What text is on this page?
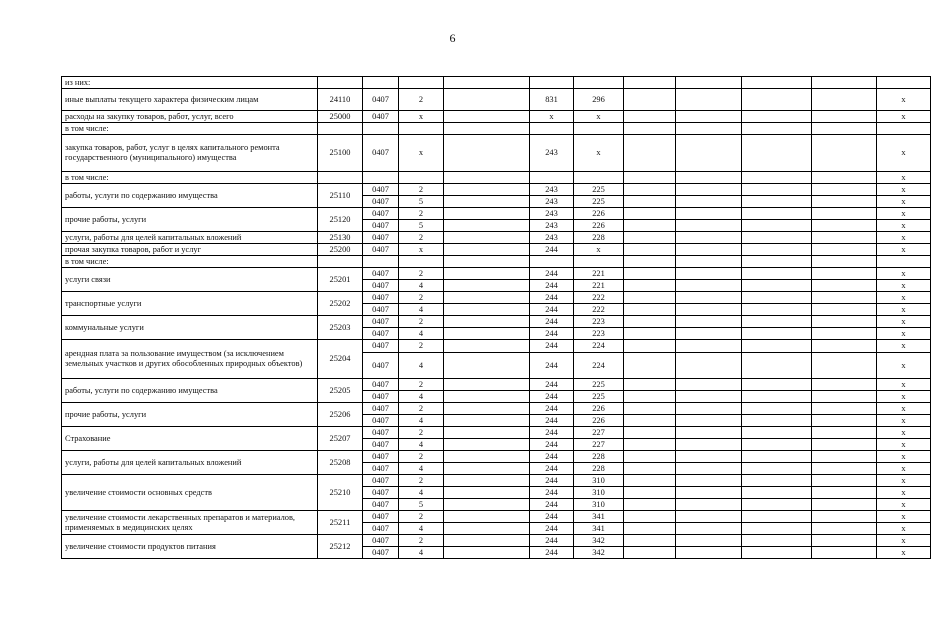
6
из них:											
иные выплаты текущего характера физическим лицам	24110	0407	2		831	296					х
расходы на закупку товаров, работ, услуг, всего	25000	0407	х		х	х					х
в том числе:											
закупка товаров, работ, услуг в целях капитального ремонта государственного (муниципального) имущества	25100	0407	х		243	х					х
в том числе:											х
работы, услуги по содержанию имущества	25110	0407	2		243	225					х
		0407	5		243	225					х
прочие работы, услуги	25120	0407	2		243	226					х
		0407	5		243	226					х
услуги, работы для целей капитальных вложений	25130	0407	2		243	228					х
прочая закупка товаров, работ и услуг	25200	0407	х		244	х					х
в том числе:											
услуги связи	25201	0407	2		244	221					х
		0407	4		244	221					х
транспортные услуги	25202	0407	2		244	222					х
		0407	4		244	222					х
коммунальные услуги	25203	0407	2		244	223					х
		0407	4		244	223					х
арендная плата за пользование имуществом (за исключением земельных участков и других обособленных природных объектов)	25204	0407	2		244	224					х
		0407	4		244	224					х
работы, услуги по содержанию имущества	25205	0407	2		244	225					х
		0407	4		244	225					х
прочие работы, услуги	25206	0407	2		244	226					х
		0407	4		244	226					х
Страхование	25207	0407	2		244	227					х
		0407	4		244	227					х
услуги, работы для целей капитальных вложений	25208	0407	2		244	228					х
		0407	4		244	228					х
увеличение стоимости основных средств	25210	0407	2		244	310					х
		0407	4		244	310					х
		0407	5		244	310					х
увеличение стоимости лекарственных препаратов и материалов, применяемых в медицинских целях	25211	0407	2		244	341					х
		0407	4		244	341					х
увеличение стоимости продуктов питания	25212	0407	2		244	342					х
		0407	4		244	342					х
